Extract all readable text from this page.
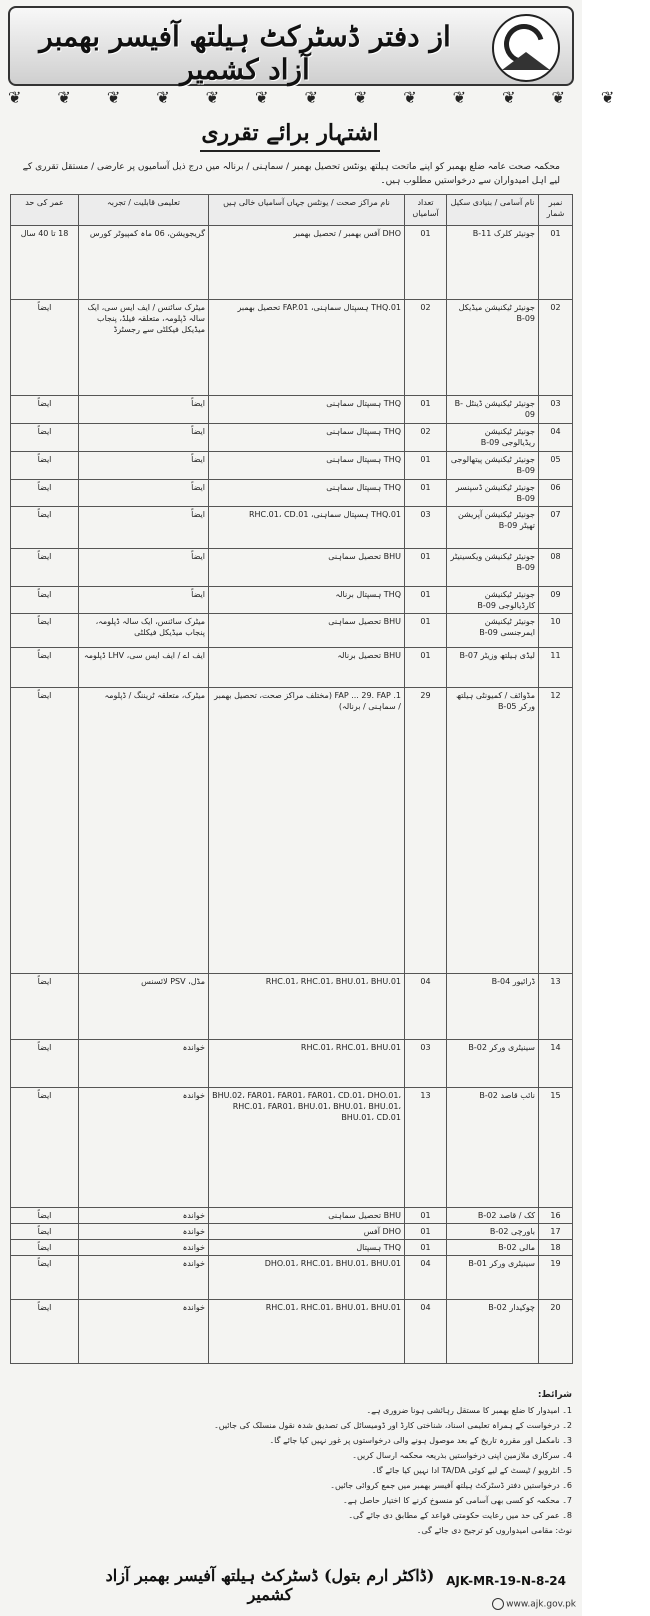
از دفتر ڈسٹرکٹ ہیلتھ آفیسر بھمبر آزاد کشمیر
❦❦❦❦❦❦❦❦❦❦❦❦❦
اشتہار برائے تقرری
محکمہ صحت عامہ ضلع بھمبر کو اپنے ماتحت ہیلتھ یونٹس تحصیل بھمبر / سماہنی / برنالہ میں درج ذیل آسامیوں پر عارضی / مستقل تقرری کے لیے اہل امیدواران سے درخواستیں مطلوب ہیں۔
نمبر شمار	نام آسامی / بنیادی سکیل	تعداد آسامیاں	نام مراکز صحت / یونٹس جہاں آسامیاں خالی ہیں	تعلیمی قابلیت / تجربہ	عمر کی حد
01	جونیئر کلرک B-11	01	DHO آفس بھمبر / تحصیل بھمبر	گریجویشن، 06 ماہ کمپیوٹر کورس	18 تا 40 سال
02	جونیئر ٹیکنیشن میڈیکل B-09	02	THQ.01 ہسپتال سماہنی، FAP.01 تحصیل بھمبر	میٹرک سائنس / ایف ایس سی، ایک سالہ ڈپلومہ، متعلقہ فیلڈ، پنجاب میڈیکل فیکلٹی سے رجسٹرڈ	ایضاً
03	جونیئر ٹیکنیشن ڈینٹل B-09	01	THQ ہسپتال سماہنی	ایضاً	ایضاً
04	جونیئر ٹیکنیشن ریڈیالوجی B-09	02	THQ ہسپتال سماہنی	ایضاً	ایضاً
05	جونیئر ٹیکنیشن پیتھالوجی B-09	01	THQ ہسپتال سماہنی	ایضاً	ایضاً
06	جونیئر ٹیکنیشن ڈسپنسر B-09	01	THQ ہسپتال سماہنی	ایضاً	ایضاً
07	جونیئر ٹیکنیشن آپریشن تھیٹر B-09	03	THQ.01 ہسپتال سماہنی، RHC.01، CD.01	ایضاً	ایضاً
08	جونیئر ٹیکنیشن ویکسینیٹر B-09	01	BHU تحصیل سماہنی	ایضاً	ایضاً
09	جونیئر ٹیکنیشن کارڈیالوجی B-09	01	THQ ہسپتال برنالہ	ایضاً	ایضاً
10	جونیئر ٹیکنیشن ایمرجنسی B-09	01	BHU تحصیل سماہنی	میٹرک سائنس، ایک سالہ ڈپلومہ، پنجاب میڈیکل فیکلٹی	ایضاً
11	لیڈی ہیلتھ وزیٹر B-07	01	BHU تحصیل برنالہ	ایف اے / ایف ایس سی، LHV ڈپلومہ	ایضاً
12	مڈوائف / کمیونٹی ہیلتھ ورکر B-05	29	1. FAP ... 29. FAP (مختلف مراکز صحت، تحصیل بھمبر / سماہنی / برنالہ)	میٹرک، متعلقہ ٹریننگ / ڈپلومہ	ایضاً
13	ڈرائیور B-04	04	RHC.01، RHC.01، BHU.01، BHU.01	مڈل، PSV لائسنس	ایضاً
14	سینیٹری ورکر B-02	03	RHC.01، RHC.01، BHU.01	خواندہ	ایضاً
15	نائب قاصد B-02	13	BHU.02، FAR01، FAR01، FAR01، CD.01، DHO.01، RHC.01، FAR01، BHU.01، BHU.01، BHU.01، BHU.01، CD.01	خواندہ	ایضاً
16	کک / قاصد B-02	01	BHU تحصیل سماہنی	خواندہ	ایضاً
17	باورچی B-02	01	DHO آفس	خواندہ	ایضاً
18	مالی B-02	01	THQ ہسپتال	خواندہ	ایضاً
19	سینیٹری ورکر B-01	04	DHO.01، RHC.01، BHU.01، BHU.01	خواندہ	ایضاً
20	چوکیدار B-02	04	RHC.01، RHC.01، BHU.01، BHU.01	خواندہ	ایضاً
شرائط:
1۔ امیدوار کا ضلع بھمبر کا مستقل رہائشی ہونا ضروری ہے۔
2۔ درخواست کے ہمراہ تعلیمی اسناد، شناختی کارڈ اور ڈومیسائل کی تصدیق شدہ نقول منسلک کی جائیں۔
3۔ نامکمل اور مقررہ تاریخ کے بعد موصول ہونے والی درخواستوں پر غور نہیں کیا جائے گا۔
4۔ سرکاری ملازمین اپنی درخواستیں بذریعہ محکمہ ارسال کریں۔
5۔ انٹرویو / ٹیسٹ کے لیے کوئی TA/DA ادا نہیں کیا جائے گا۔
6۔ درخواستیں دفتر ڈسٹرکٹ ہیلتھ آفیسر بھمبر میں جمع کروائی جائیں۔
7۔ محکمہ کو کسی بھی آسامی کو منسوخ کرنے کا اختیار حاصل ہے۔
8۔ عمر کی حد میں رعایت حکومتی قواعد کے مطابق دی جائے گی۔
نوٹ: مقامی امیدواروں کو ترجیح دی جائے گی۔
(ڈاکٹر ارم بتول) ڈسٹرکٹ ہیلتھ آفیسر بھمبر آزاد کشمیر
AJK-MR-19-N-8-24
www.ajk.gov.pk
